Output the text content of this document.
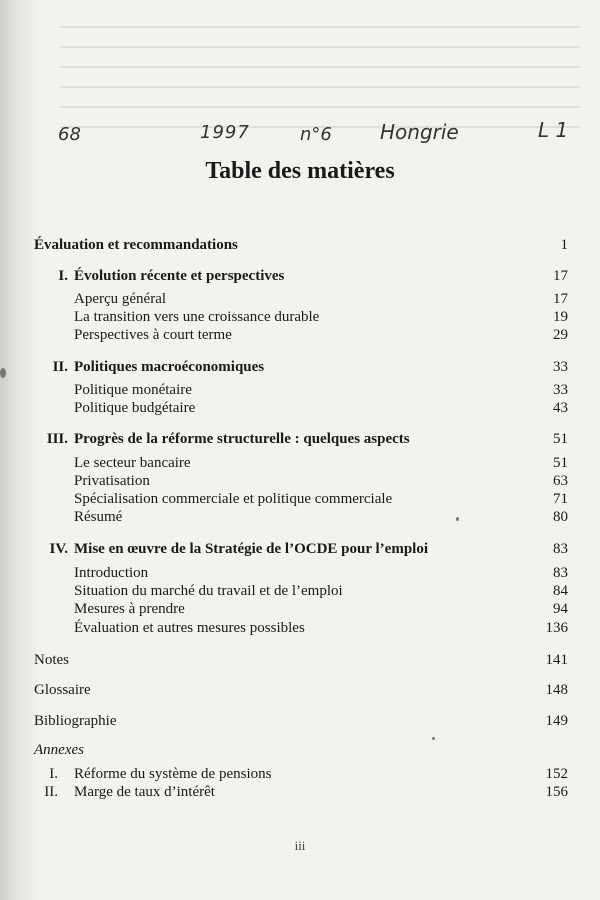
68	1997	n°6 Hongrie	L 1
Table des matières
Évaluation et recommandations	1
I. Évolution récente et perspectives	17
Aperçu général	17
La transition vers une croissance durable	19
Perspectives à court terme	29
II. Politiques macroéconomiques	33
Politique monétaire	33
Politique budgétaire	43
III. Progrès de la réforme structurelle : quelques aspects	51
Le secteur bancaire	51
Privatisation	63
Spécialisation commerciale et politique commerciale	71
Résumé	80
IV. Mise en œuvre de la Stratégie de l’OCDE pour l’emploi	83
Introduction	83
Situation du marché du travail et de l’emploi	84
Mesures à prendre	94
Évaluation et autres mesures possibles	136
Notes	141
Glossaire	148
Bibliographie	149
Annexes
I. Réforme du système de pensions	152
II. Marge de taux d’intérêt	156
iii
